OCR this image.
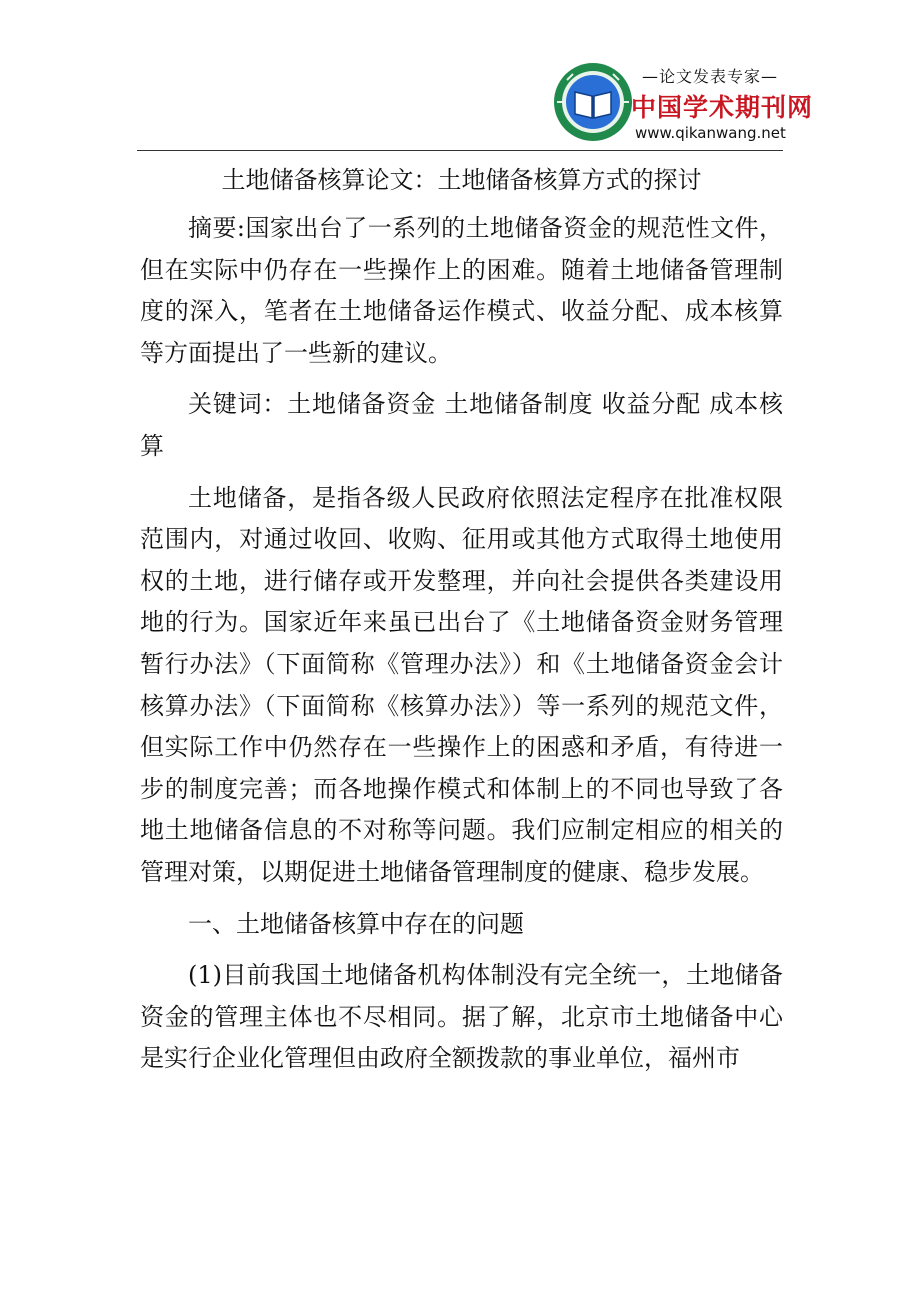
—论文发表专家—
中国学术期刊网
www.qikanwang.net
土地储备核算论文：土地储备核算方式的探讨

摘要:国家出台了一系列的土地储备资金的规范性文件，但在实际中仍存在一些操作上的困难。随着土地储备管理制度的深入，笔者在土地储备运作模式、收益分配、成本核算等方面提出了一些新的建议。

关键词：土地储备资金 土地储备制度 收益分配 成本核算

土地储备，是指各级人民政府依照法定程序在批准权限范围内，对通过收回、收购、征用或其他方式取得土地使用权的土地，进行储存或开发整理，并向社会提供各类建设用地的行为。国家近年来虽已出台了《土地储备资金财务管理暂行办法》（下面简称《管理办法》）和《土地储备资金会计核算办法》（下面简称《核算办法》）等一系列的规范文件，但实际工作中仍然存在一些操作上的困惑和矛盾，有待进一步的制度完善；而各地操作模式和体制上的不同也导致了各地土地储备信息的不对称等问题。我们应制定相应的相关的管理对策，以期促进土地储备管理制度的健康、稳步发展。

一、土地储备核算中存在的问题

(1)目前我国土地储备机构体制没有完全统一，土地储备资金的管理主体也不尽相同。据了解，北京市土地储备中心是实行企业化管理但由政府全额拨款的事业单位，福州市
